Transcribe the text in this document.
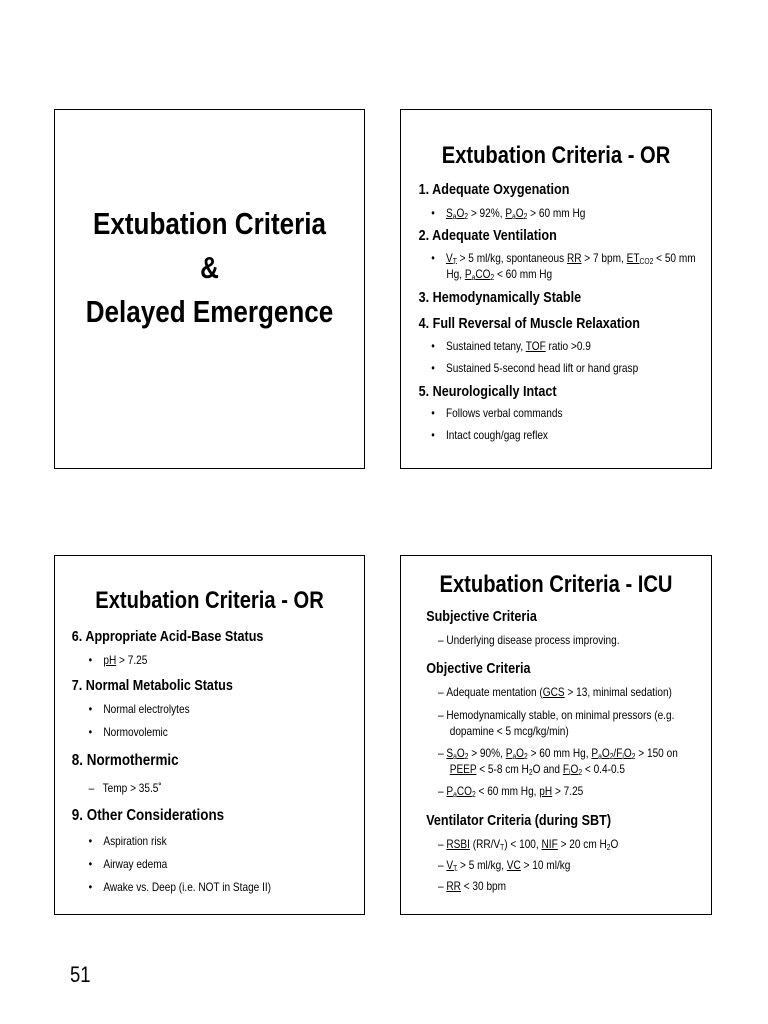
Extubation Criteria
&
Delayed Emergence
Extubation Criteria - OR
1. Adequate Oxygenation
•    $S_aO_2 > 92\%$, $P_aO_2 > 60$ mm Hg
2. Adequate Ventilation
•    $V_T > 5$ ml/kg, spontaneous RR > 7 bpm, $ET_{CO2} < 50$ mm
Hg, $P_aCO_2 < 60$ mm Hg
3. Hemodynamically Stable
4. Full Reversal of Muscle Relaxation
•    Sustained tetany, TOF ratio >0.9
•    Sustained 5-second head lift or hand grasp
5. Neurologically Intact
•    Follows verbal commands
•    Intact cough/gag reflex
Extubation Criteria - OR
6. Appropriate Acid-Base Status
•    pH > 7.25
7. Normal Metabolic Status
•    Normal electrolytes
•    Normovolemic
8. Normothermic
–   Temp > 35.5˚
9. Other Considerations
•    Aspiration risk
•    Airway edema
•    Awake vs. Deep (i.e. NOT in Stage II)
Extubation Criteria - ICU
Subjective Criteria
– Underlying disease process improving.
Objective Criteria
– Adequate mentation (GCS > 13, minimal sedation)
– Hemodynamically stable, on minimal pressors (e.g.
dopamine < 5 mcg/kg/min)
– $S_aO_2 > 90\%$, $P_aO_2 > 60$ mm Hg, $P_aO_2/F_iO_2 > 150$ on
PEEP < 5-8 cm $H_2O$ and $F_iO_2 < 0.4-0.5$
– $P_aCO_2 < 60$ mm Hg, pH > 7.25
Ventilator Criteria (during SBT)
– RSBI $(RR/V_T) < 100$, NIF > 20 cm $H_2O$
– $V_T > 5$ ml/kg, VC > 10 ml/kg
– RR < 30 bpm
51
